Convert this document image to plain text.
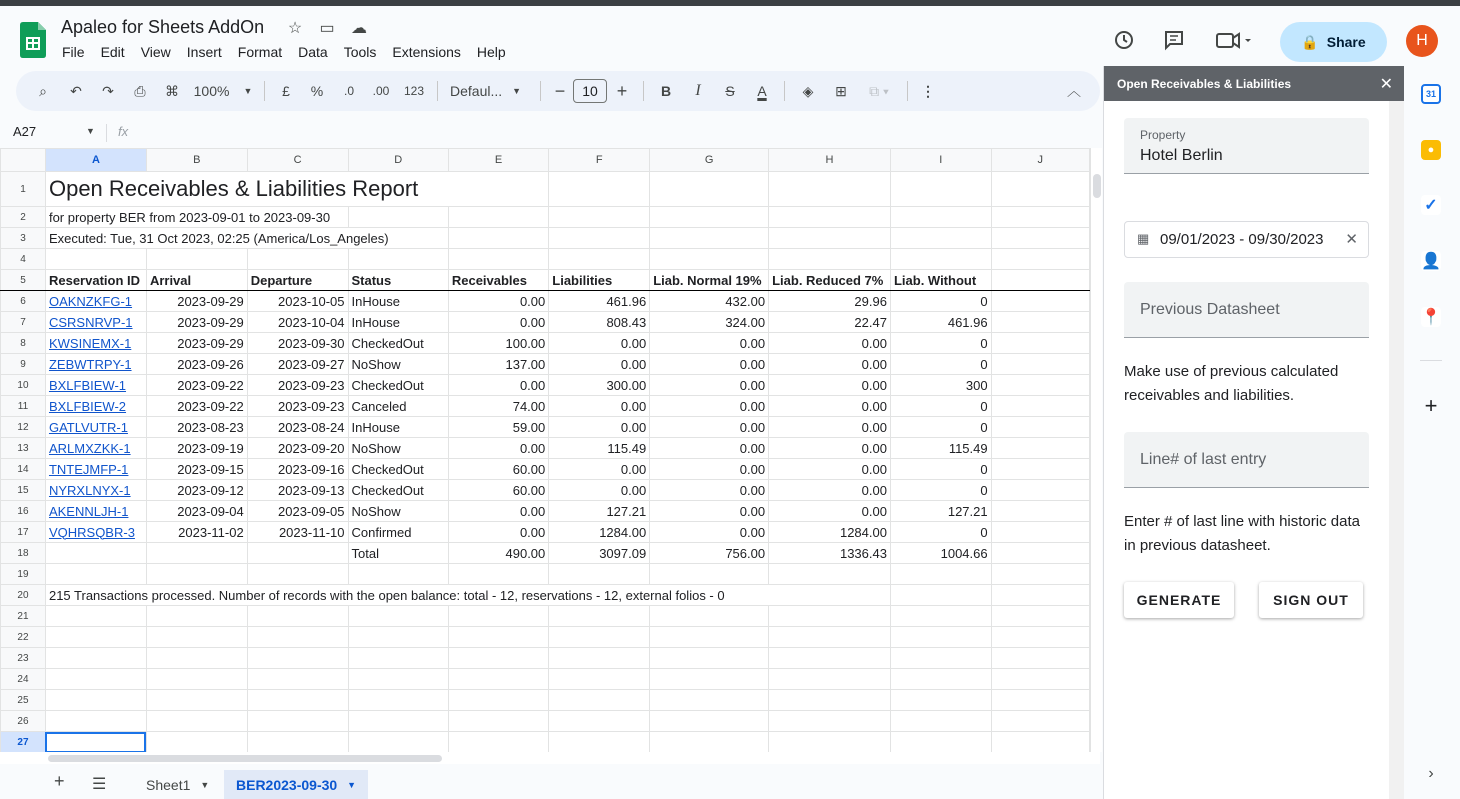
Apaleo for Sheets AddOn ☆ ▭ ☁
File Edit View Insert Format Data Tools Extensions Help
🔒 Share	H
⌕	↶	↷	⎙	⌘	100% ▼	£	%	.0	.00	123	Defaul... ▼	−	10	+	B	I	S	A	◈	⊞	⧉ ▾	⋮	︿
A27	▼ fx
	A	B	C	D	E	F	G	H	I	J
1	Open Receivables & Liabilities Report									
2	for property BER from 2023-09-01 to 2023-09-30									
3	Executed: Tue, 31 Oct 2023, 02:25 (America/Los_Angeles)									
4										
5	Reservation ID	Arrival	Departure	Status	Receivables	Liabilities	Liab. Normal 19%	Liab. Reduced 7%	Liab. Without	
6	OAKNZKFG-1	2023-09-29	2023-10-05	InHouse	0.00	461.96	432.00	29.96	0	
7	CSRSNRVP-1	2023-09-29	2023-10-04	InHouse	0.00	808.43	324.00	22.47	461.96	
8	KWSINEMX-1	2023-09-29	2023-09-30	CheckedOut	100.00	0.00	0.00	0.00	0	
9	ZEBWTRPY-1	2023-09-26	2023-09-27	NoShow	137.00	0.00	0.00	0.00	0	
10	BXLFBIEW-1	2023-09-22	2023-09-23	CheckedOut	0.00	300.00	0.00	0.00	300	
11	BXLFBIEW-2	2023-09-22	2023-09-23	Canceled	74.00	0.00	0.00	0.00	0	
12	GATLVUTR-1	2023-08-23	2023-08-24	InHouse	59.00	0.00	0.00	0.00	0	
13	ARLMXZKK-1	2023-09-19	2023-09-20	NoShow	0.00	115.49	0.00	0.00	115.49	
14	TNTEJMFP-1	2023-09-15	2023-09-16	CheckedOut	60.00	0.00	0.00	0.00	0	
15	NYRXLNYX-1	2023-09-12	2023-09-13	CheckedOut	60.00	0.00	0.00	0.00	0	
16	AKENNLJH-1	2023-09-04	2023-09-05	NoShow	0.00	127.21	0.00	0.00	127.21	
17	VQHRSQBR-3	2023-11-02	2023-11-10	Confirmed	0.00	1284.00	0.00	1284.00	0	
18				Total	490.00	3097.09	756.00	1336.43	1004.66	
19										
20	215 Transactions processed. Number of records with the open balance: total - 12, reservations - 12, external folios - 0									
21										
22										
23										
24										
25										
26										
27										
+ ☰	Sheet1 ▼ BER2023-09-30 ▼
Open Receivables & Liabilities	✕
Property
Hotel Berlin
▦ 09/01/2023 - 09/30/2023	✕
Previous Datasheet
Make use of previous calculated receivables and liabilities.
Line# of last entry
Enter # of last line with historic data in previous datasheet.
GENERATE	SIGN OUT
31
●
✓
👤
📍
+
›
